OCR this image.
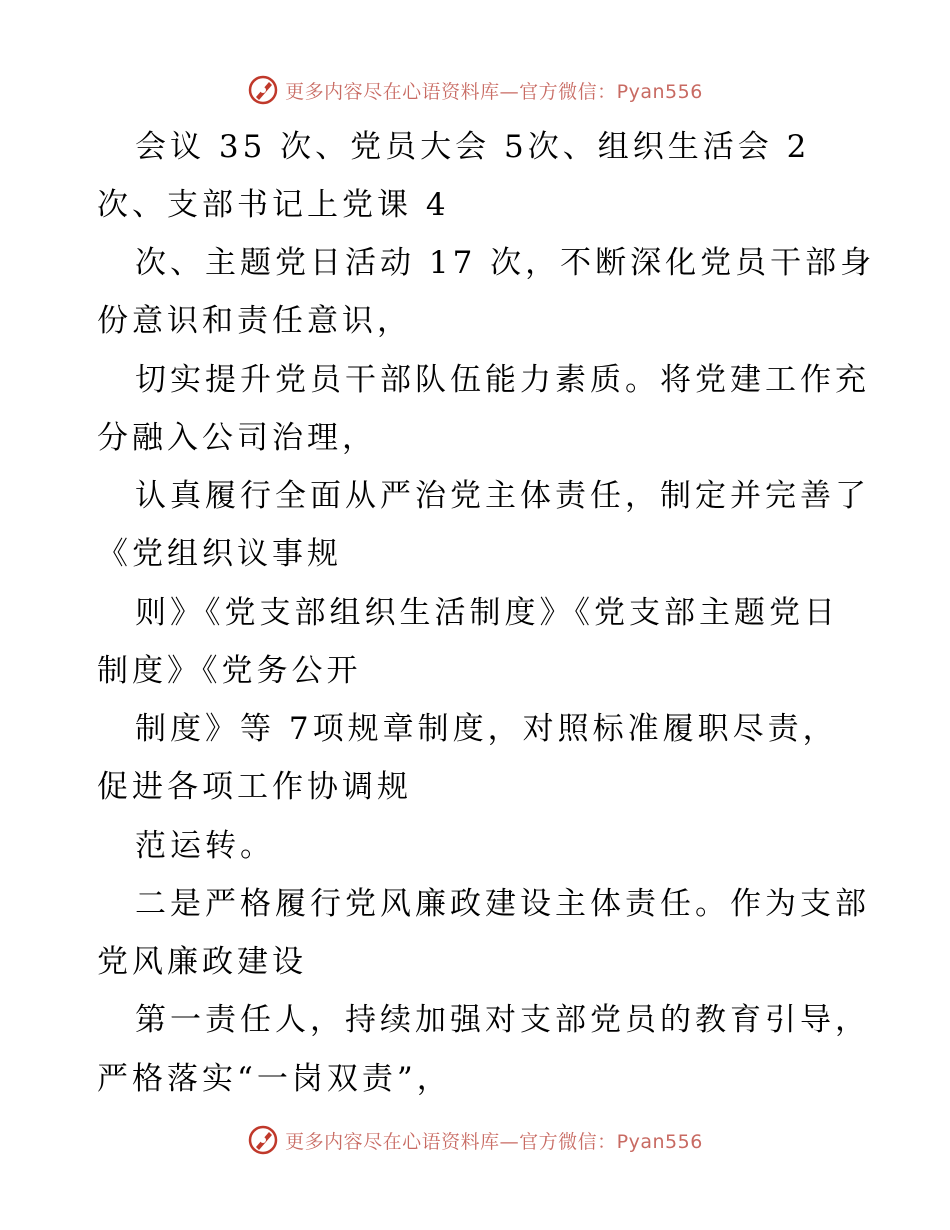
更多内容尽在心语资料库—官方微信：Pyan556
会议 35 次、党员大会 5次、组织生活会 2
次、支部书记上党课 4
次、主题党日活动 17 次，不断深化党员干部身
份意识和责任意识，
切实提升党员干部队伍能力素质。将党建工作充
分融入公司治理，
认真履行全面从严治党主体责任，制定并完善了
《党组织议事规
则》《党支部组织生活制度》《党支部主题党日
制度》《党务公开
制度》等 7项规章制度，对照标准履职尽责，
促进各项工作协调规
范运转。
二是严格履行党风廉政建设主体责任。作为支部
党风廉政建设
第一责任人，持续加强对支部党员的教育引导，
严格落实“一岗双责”，
更多内容尽在心语资料库—官方微信：Pyan556
